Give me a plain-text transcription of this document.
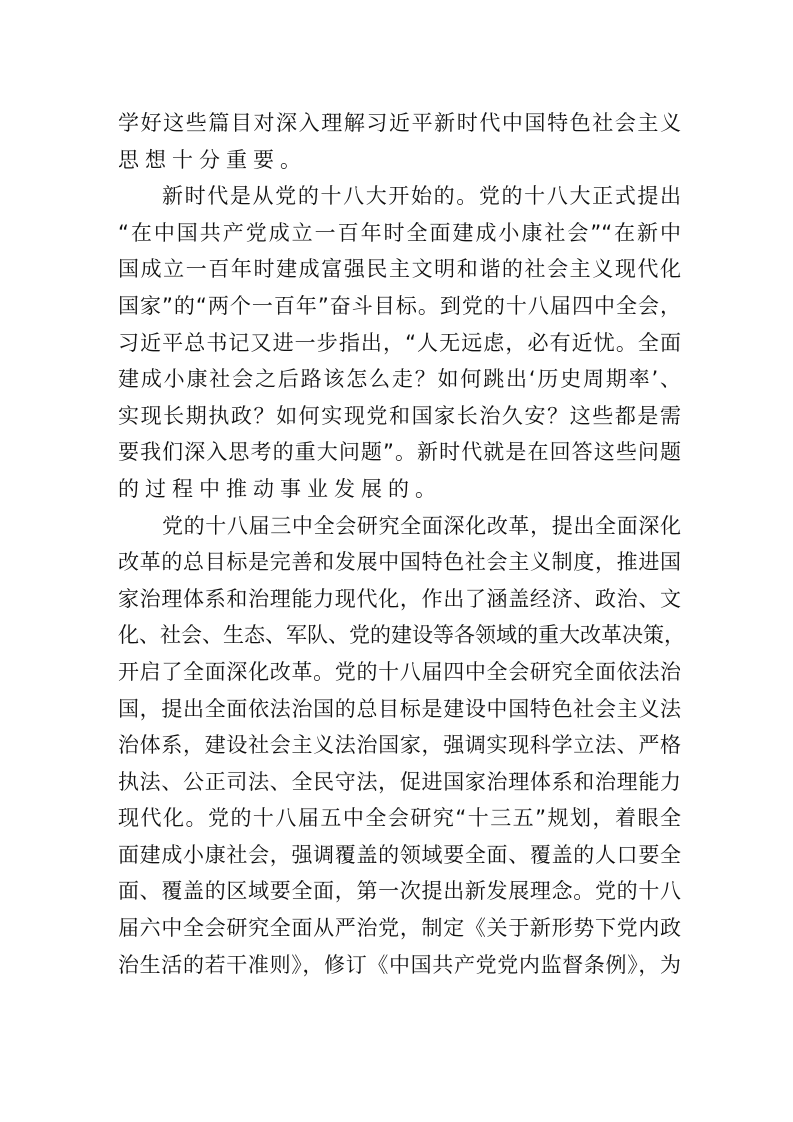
学好这些篇目对深入理解习近平新时代中国特色社会主义
思想十分重要。
新时代是从党的十八大开始的。党的十八大正式提出
“在中国共产党成立一百年时全面建成小康社会”“在新中
国成立一百年时建成富强民主文明和谐的社会主义现代化
国家”的“两个一百年”奋斗目标。到党的十八届四中全会，
习近平总书记又进一步指出，“人无远虑，必有近忧。全面
建成小康社会之后路该怎么走？如何跳出‘历史周期率’、
实现长期执政？如何实现党和国家长治久安？这些都是需
要我们深入思考的重大问题”。新时代就是在回答这些问题
的过程中推动事业发展的。
党的十八届三中全会研究全面深化改革，提出全面深化
改革的总目标是完善和发展中国特色社会主义制度，推进国
家治理体系和治理能力现代化，作出了涵盖经济、政治、文
化、社会、生态、军队、党的建设等各领域的重大改革决策，
开启了全面深化改革。党的十八届四中全会研究全面依法治
国，提出全面依法治国的总目标是建设中国特色社会主义法
治体系，建设社会主义法治国家，强调实现科学立法、严格
执法、公正司法、全民守法，促进国家治理体系和治理能力
现代化。党的十八届五中全会研究“十三五”规划，着眼全
面建成小康社会，强调覆盖的领域要全面、覆盖的人口要全
面、覆盖的区域要全面，第一次提出新发展理念。党的十八
届六中全会研究全面从严治党，制定《关于新形势下党内政
治生活的若干准则》，修订《中国共产党党内监督条例》，为
